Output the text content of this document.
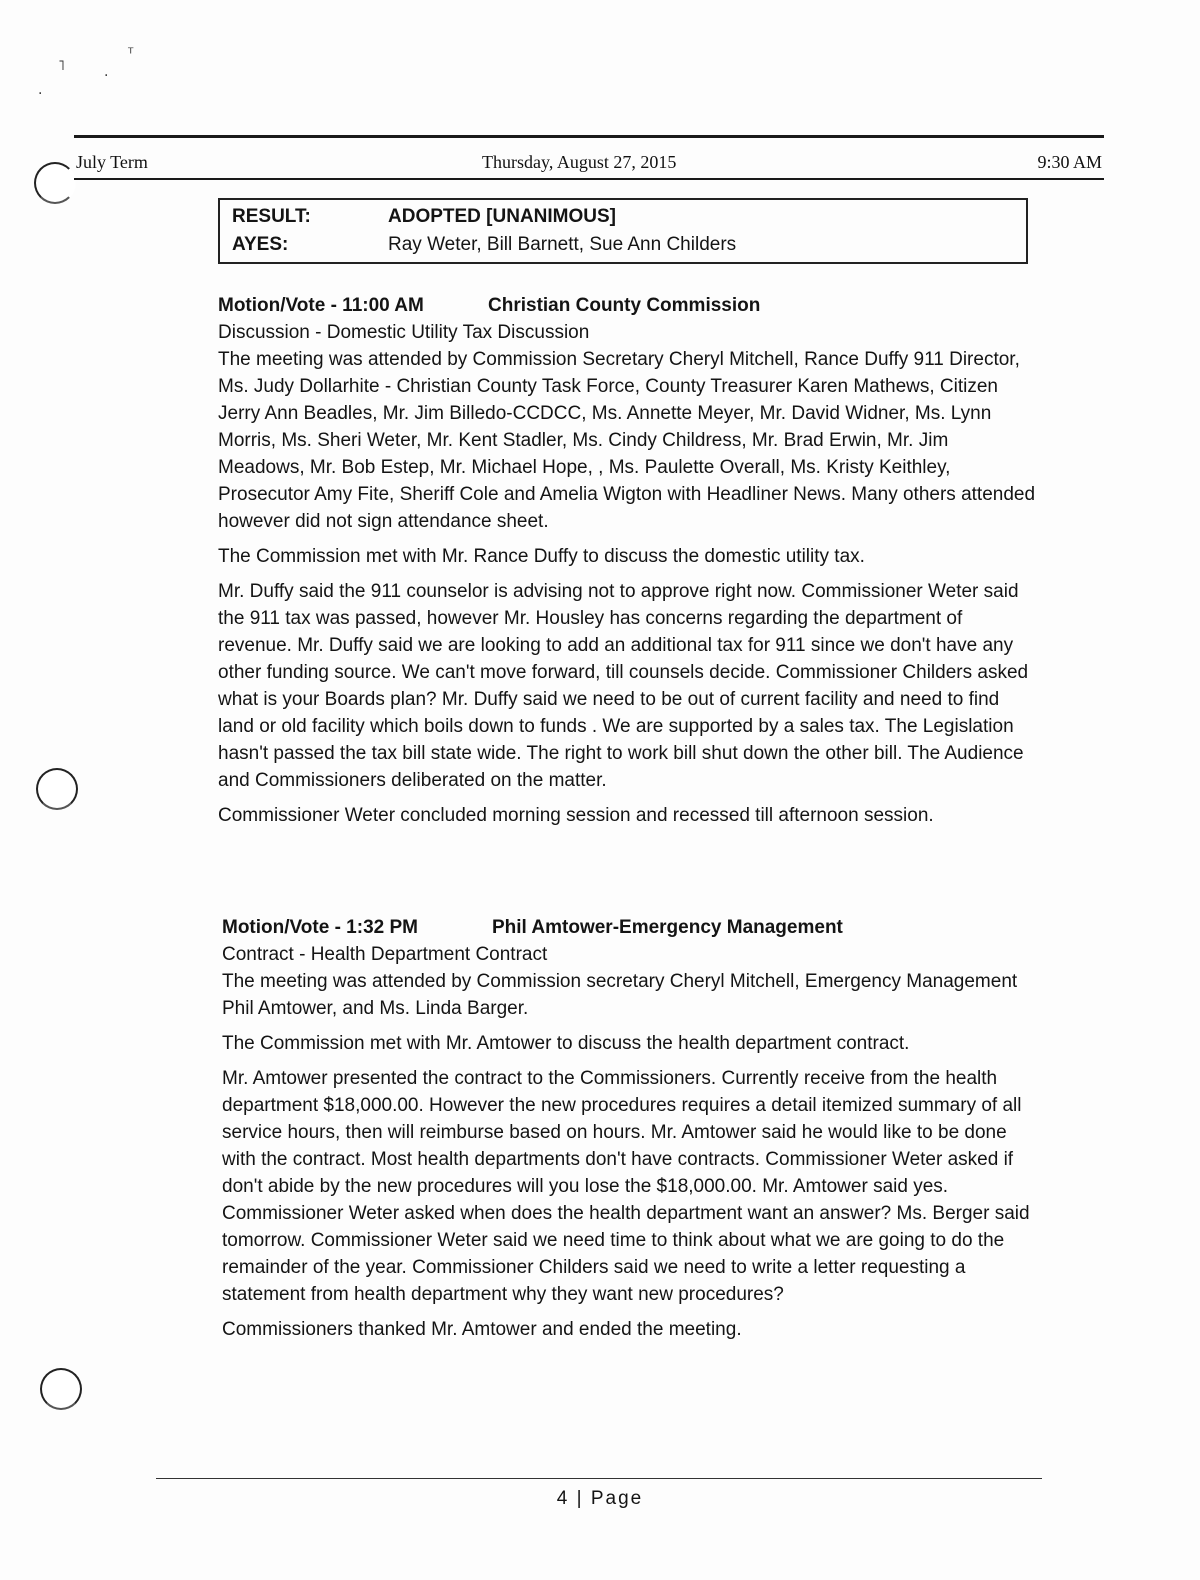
˥
ᵀ
·
·
July Term	Thursday, August 27, 2015	9:30 AM
RESULT:	ADOPTED [UNANIMOUS]
AYES:	Ray Weter, Bill Barnett, Sue Ann Childers
Motion/Vote - 11:00 AM	Christian County Commission
Discussion - Domestic Utility Tax Discussion

The meeting was attended by Commission Secretary Cheryl Mitchell, Rance Duffy 911 Director, Ms. Judy Dollarhite - Christian County Task Force, County Treasurer Karen Mathews, Citizen Jerry Ann Beadles, Mr. Jim Billedo-CCDCC, Ms. Annette Meyer, Mr. David Widner, Ms. Lynn Morris, Ms. Sheri Weter, Mr. Kent Stadler, Ms. Cindy Childress, Mr. Brad Erwin, Mr. Jim Meadows, Mr. Bob Estep, Mr. Michael Hope, , Ms. Paulette Overall, Ms. Kristy Keithley, Prosecutor Amy Fite, Sheriff Cole and Amelia Wigton with Headliner News. Many others attended however did not sign attendance sheet.

The Commission met with Mr. Rance Duffy to discuss the domestic utility tax.

Mr. Duffy said the 911 counselor is advising not to approve right now. Commissioner Weter said the 911 tax was passed, however Mr. Housley has concerns regarding the department of revenue. Mr. Duffy said we are looking to add an additional tax for 911 since we don't have any other funding source. We can't move forward, till counsels decide. Commissioner Childers asked what is your Boards plan? Mr. Duffy said we need to be out of current facility and need to find land or old facility which boils down to funds . We are supported by a sales tax. The Legislation hasn't passed the tax bill state wide. The right to work bill shut down the other bill. The Audience and Commissioners deliberated on the matter.

Commissioner Weter concluded morning session and recessed till afternoon session.

Motion/Vote - 1:32 PM	Phil Amtower-Emergency Management
Contract - Health Department Contract

The meeting was attended by Commission secretary Cheryl Mitchell, Emergency Management Phil Amtower, and Ms. Linda Barger.

The Commission met with Mr. Amtower to discuss the health department contract.

Mr. Amtower presented the contract to the Commissioners. Currently receive from the health department $18,000.00. However the new procedures requires a detail itemized summary of all service hours, then will reimburse based on hours. Mr. Amtower said he would like to be done with the contract. Most health departments don't have contracts. Commissioner Weter asked if don't abide by the new procedures will you lose the $18,000.00. Mr. Amtower said yes. Commissioner Weter asked when does the health department want an answer? Ms. Berger said tomorrow. Commissioner Weter said we need time to think about what we are going to do the remainder of the year. Commissioner Childers said we need to write a letter requesting a statement from health department why they want new procedures?

Commissioners thanked Mr. Amtower and ended the meeting.

4 | Page
